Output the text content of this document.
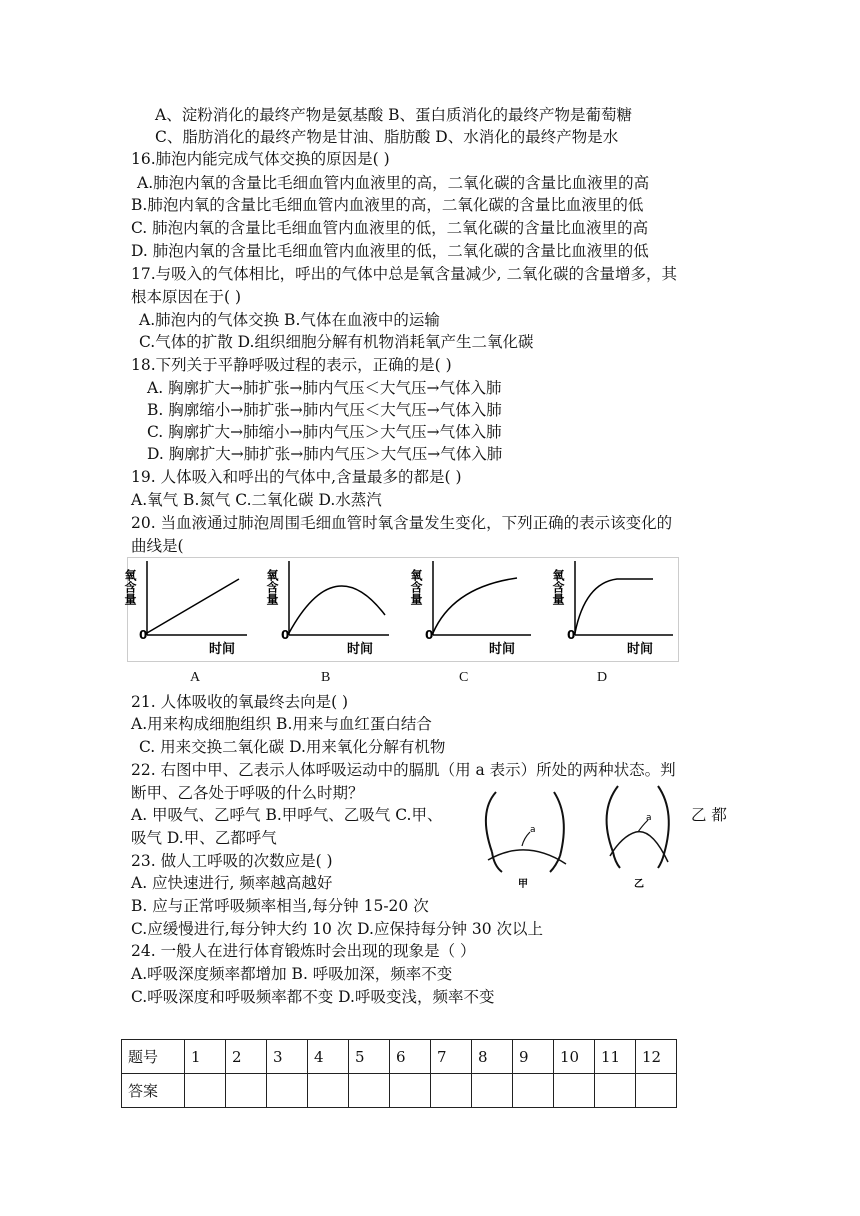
A、淀粉消化的最终产物是氨基酸 B、蛋白质消化的最终产物是葡萄糖
C、脂肪消化的最终产物是甘油、脂肪酸 D、水消化的最终产物是水
16.肺泡内能完成气体交换的原因是( )
A.肺泡内氧的含量比毛细血管内血液里的高，二氧化碳的含量比血液里的高
B.肺泡内氧的含量比毛细血管内血液里的高，二氧化碳的含量比血液里的低
C. 肺泡内氧的含量比毛细血管内血液里的低，二氧化碳的含量比血液里的高
D. 肺泡内氧的含量比毛细血管内血液里的低，二氧化碳的含量比血液里的低
17.与吸入的气体相比，呼出的气体中总是氧含量减少, 二氧化碳的含量增多，其
根本原因在于( )
A.肺泡内的气体交换 B.气体在血液中的运输
C.气体的扩散 D.组织细胞分解有机物消耗氧产生二氧化碳
18.下列关于平静呼吸过程的表示，正确的是( )
A. 胸廓扩大→肺扩张→肺内气压＜大气压→气体入肺
B. 胸廓缩小→肺扩张→肺内气压＜大气压→气体入肺
C. 胸廓扩大→肺缩小→肺内气压＞大气压→气体入肺
D. 胸廓扩大→肺扩张→肺内气压＞大气压→气体入肺
19. 人体吸入和呼出的气体中,含量最多的都是( )
A.氧气 B.氮气 C.二氧化碳 D.水蒸汽
20. 当血液通过肺泡周围毛细血管时氧含量发生变化，下列正确的表示该变化的
曲线是(
氧含量
0
时间
氧含量
0
时间
氧含量
0
时间
氧含量
0
时间
A	B	C	D
21. 人体吸收的氧最终去向是( )
A.用来构成细胞组织 B.用来与血红蛋白结合
C. 用来交换二氧化碳 D.用来氧化分解有机物
22. 右图中甲、乙表示人体呼吸运动中的膈肌（用 a 表示）所处的两种状态。判
断甲、乙各处于呼吸的什么时期？
A. 甲吸气、乙呼气 B.甲呼气、乙吸气 C.甲、	乙 都
吸气 D.甲、乙都呼气	a
甲
a
乙
23. 做人工呼吸的次数应是( )
A. 应快速进行, 频率越高越好
B. 应与正常呼吸频率相当,每分钟 15-20 次
C.应缓慢进行,每分钟大约 10 次 D.应保持每分钟 30 次以上
24. 一般人在进行体育锻炼时会出现的现象是（ ）
A.呼吸深度频率都增加 B. 呼吸加深，频率不变
C.呼吸深度和呼吸频率都不变 D.呼吸变浅，频率不变
题号	1	2	3	4	5	6	7	8	9	10	11	12
答案												
